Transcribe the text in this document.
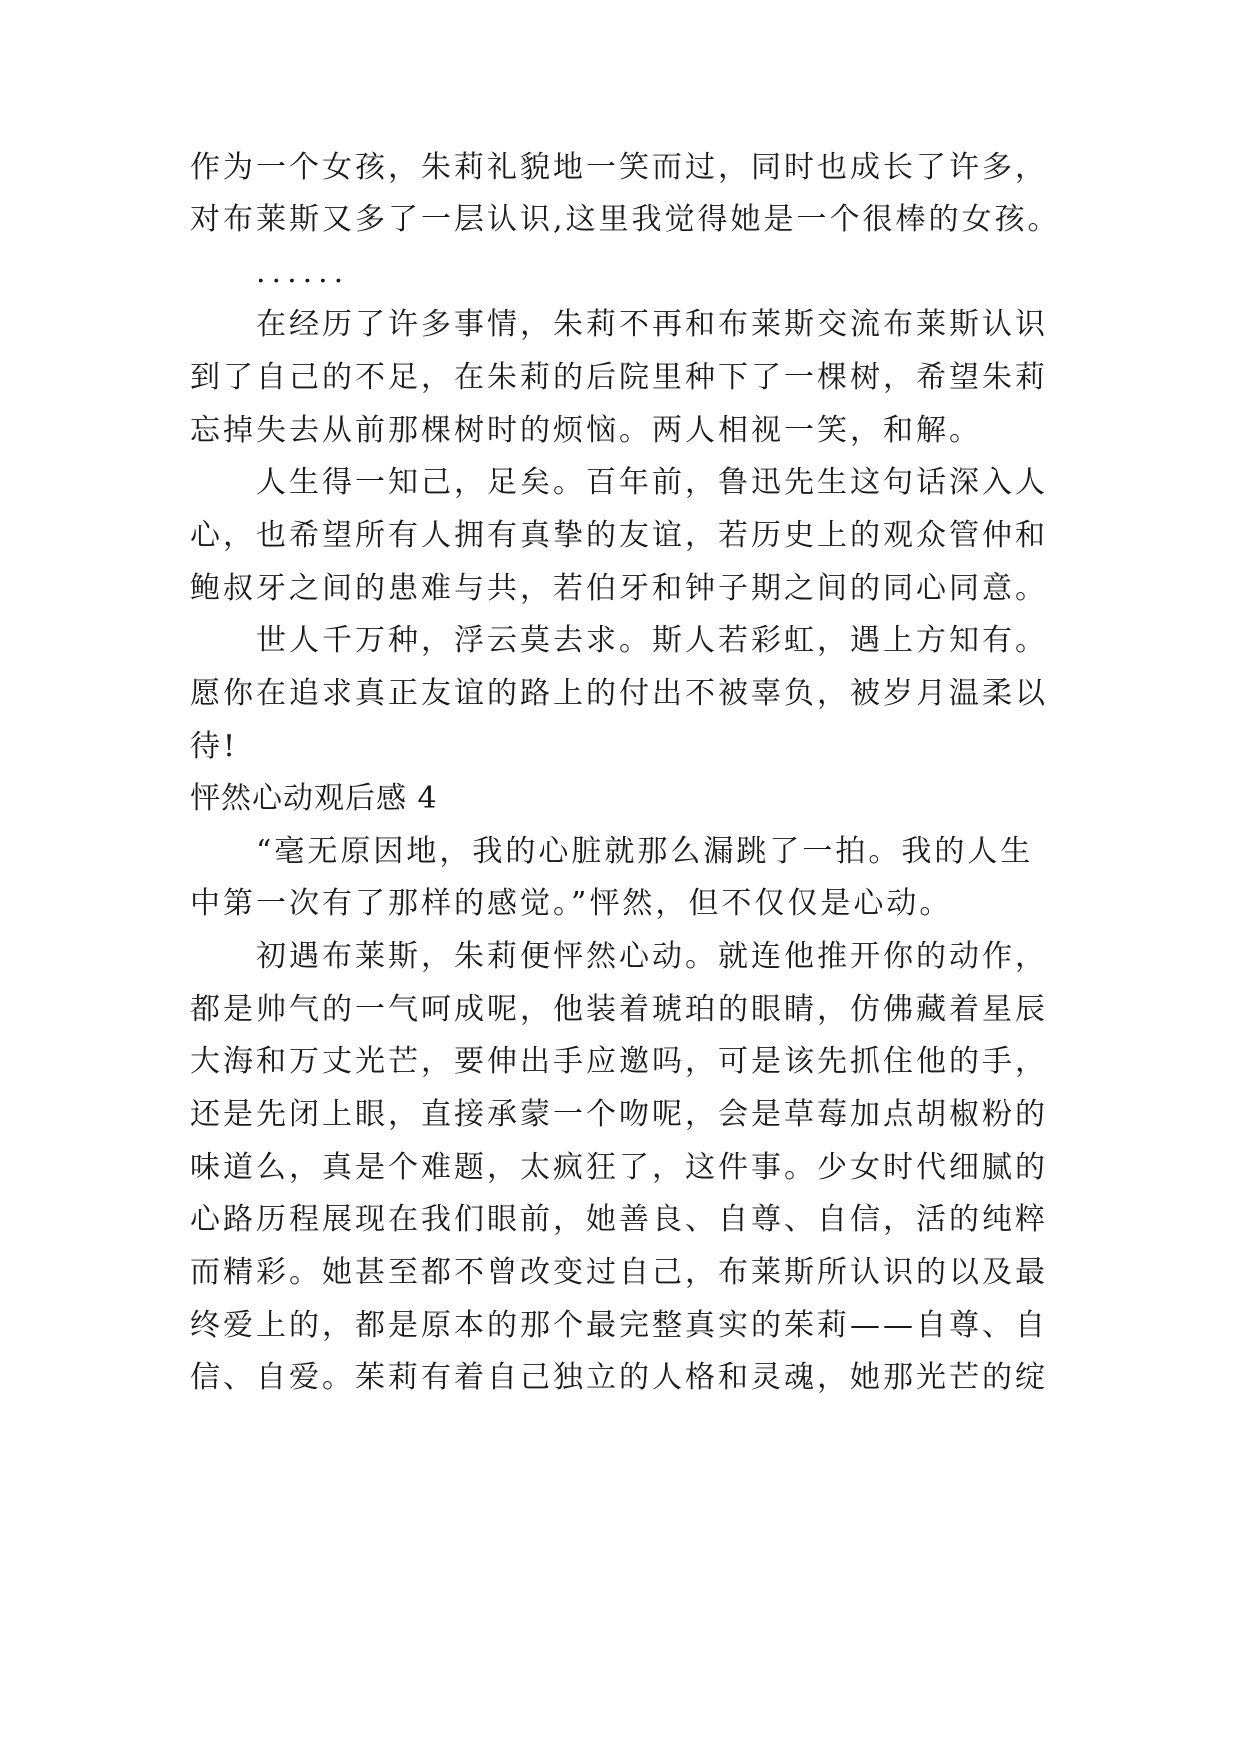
作为一个女孩，朱莉礼貌地一笑而过，同时也成长了许多，
对布莱斯又多了一层认识,这里我觉得她是一个很棒的女孩。
......
在经历了许多事情，朱莉不再和布莱斯交流布莱斯认识
到了自己的不足，在朱莉的后院里种下了一棵树，希望朱莉
忘掉失去从前那棵树时的烦恼。两人相视一笑，和解。
人生得一知己，足矣。百年前，鲁迅先生这句话深入人
心，也希望所有人拥有真挚的友谊，若历史上的观众管仲和
鲍叔牙之间的患难与共，若伯牙和钟子期之间的同心同意。
世人千万种，浮云莫去求。斯人若彩虹，遇上方知有。
愿你在追求真正友谊的路上的付出不被辜负，被岁月温柔以
待!
怦然心动观后感 4
“毫无原因地，我的心脏就那么漏跳了一拍。我的人生
中第一次有了那样的感觉。”怦然，但不仅仅是心动。
初遇布莱斯，朱莉便怦然心动。就连他推开你的动作，
都是帅气的一气呵成呢，他装着琥珀的眼睛，仿佛藏着星辰
大海和万丈光芒，要伸出手应邀吗，可是该先抓住他的手，
还是先闭上眼，直接承蒙一个吻呢，会是草莓加点胡椒粉的
味道么，真是个难题，太疯狂了，这件事。少女时代细腻的
心路历程展现在我们眼前，她善良、自尊、自信，活的纯粹
而精彩。她甚至都不曾改变过自己，布莱斯所认识的以及最
终爱上的，都是原本的那个最完整真实的茱莉——自尊、自
信、自爱。茱莉有着自己独立的人格和灵魂，她那光芒的绽
